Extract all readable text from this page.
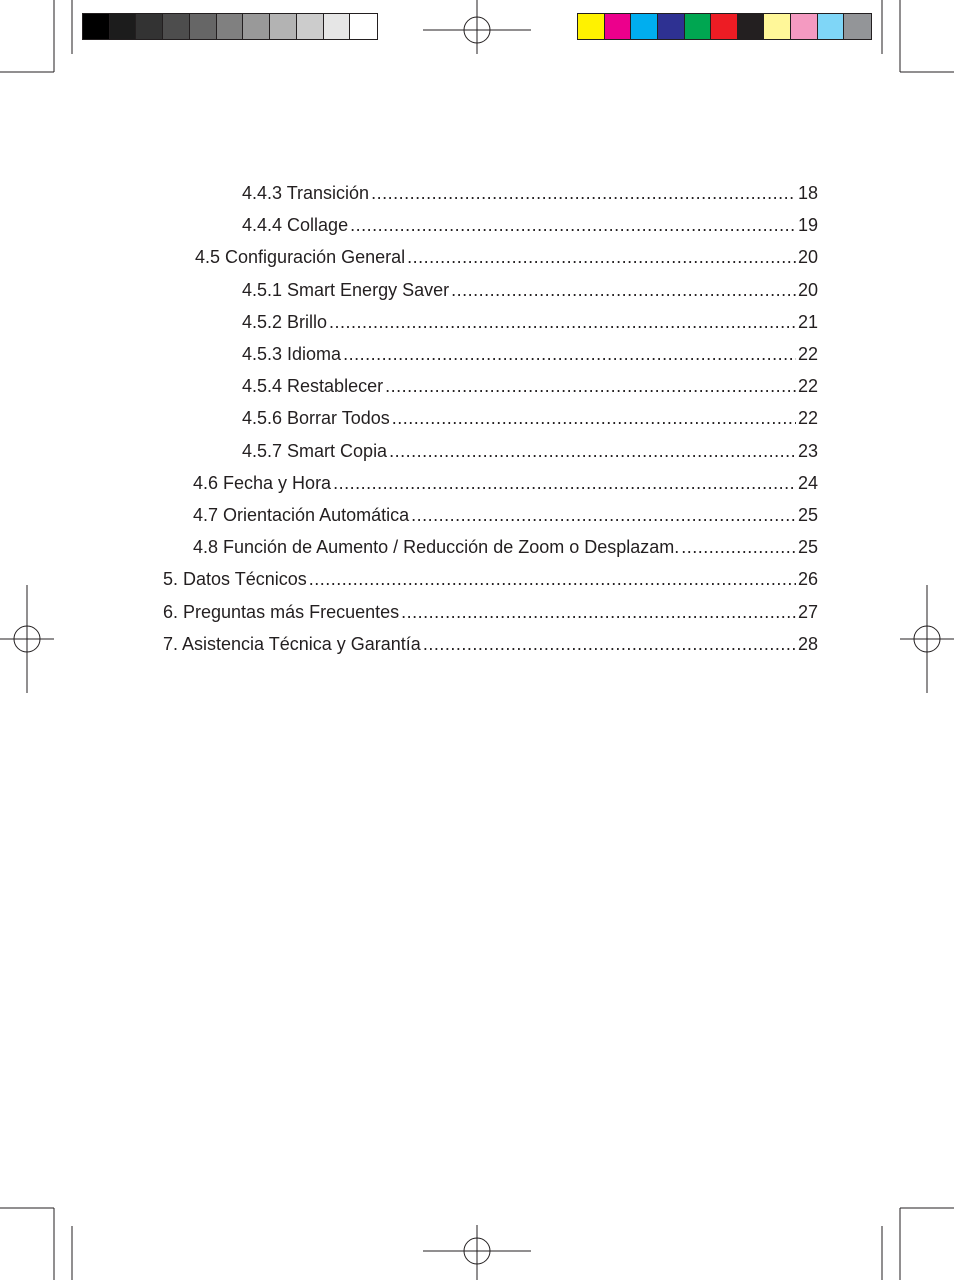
4.4.3 Transición .....	18
4.4.4 Collage .....	19
4.5 Configuración General .....	20
4.5.1 Smart Energy Saver .....	20
4.5.2 Brillo .....	21
4.5.3 Idioma .....	22
4.5.4 Restablecer .....	22
4.5.6 Borrar Todos .....	22
4.5.7 Smart Copia .....	23
4.6 Fecha y Hora .....	24
4.7 Orientación Automática .....	25
4.8 Función de Aumento / Reducción de Zoom o Desplazam. .....	25
5. Datos Técnicos .....	26
6. Preguntas más Frecuentes .....	27
7. Asistencia Técnica y Garantía .....	28
